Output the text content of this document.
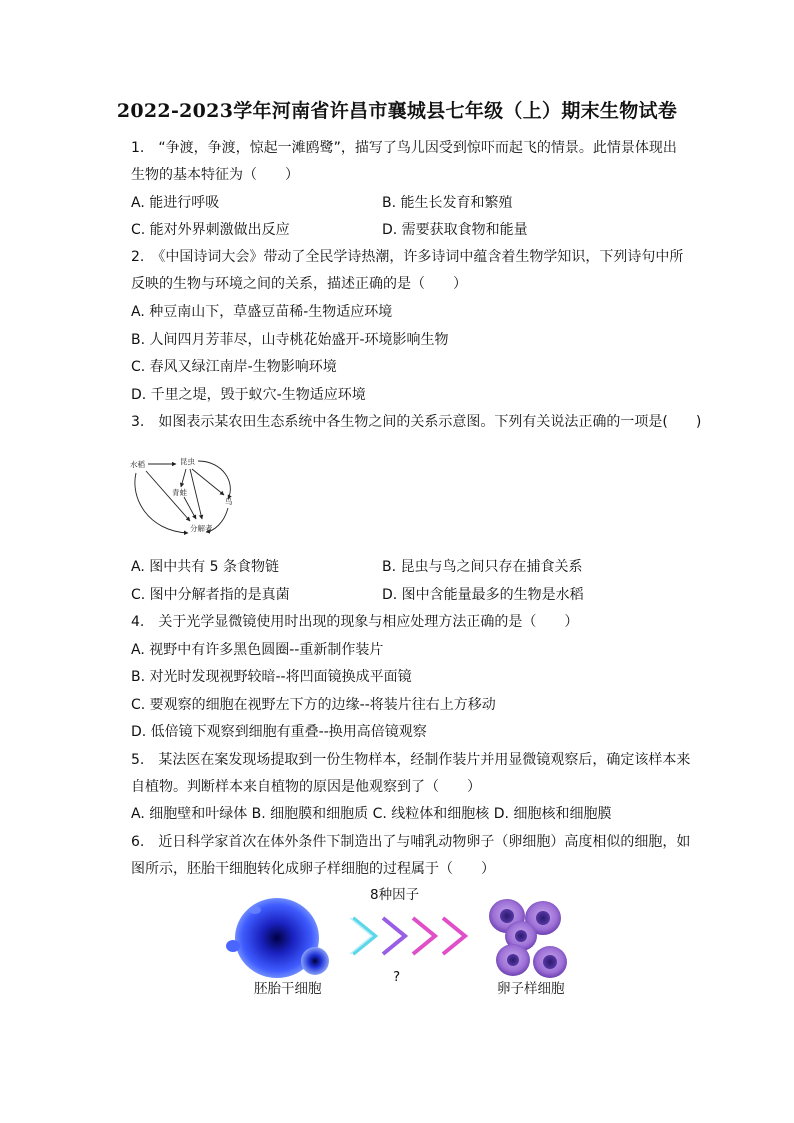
2022-2023学年河南省许昌市襄城县七年级（上）期末生物试卷
1.　“争渡，争渡，惊起一滩鸥鹭”，描写了鸟儿因受到惊吓而起飞的情景。此情景体现出
生物的基本特征为（　　）
A. 能进行呼吸	B. 能生长发育和繁殖
C. 能对外界刺激做出反应	D. 需要获取食物和能量
2.　《中国诗词大会》带动了全民学诗热潮，许多诗词中蕴含着生物学知识，下列诗句中所
反映的生物与环境之间的关系，描述正确的是（　　）
A. 种豆南山下，草盛豆苗稀-生物适应环境
B. 人间四月芳菲尽，山寺桃花始盛开-环境影响生物
C. 春风又绿江南岸-生物影响环境
D. 千里之堤，毁于蚁穴-生物适应环境
3.　如图表示某农田生态系统中各生物之间的关系示意图。下列有关说法正确的一项是(　　)
水稻	昆虫
青蛙
鸟
分解者
A. 图中共有 5 条食物链	B. 昆虫与鸟之间只存在捕食关系
C. 图中分解者指的是真菌	D. 图中含能量最多的生物是水稻
4.　关于光学显微镜使用时出现的现象与相应处理方法正确的是（　　）
A. 视野中有许多黑色圆圈--重新制作装片
B. 对光时发现视野较暗--将凹面镜换成平面镜
C. 要观察的细胞在视野左下方的边缘--将装片往右上方移动
D. 低倍镜下观察到细胞有重叠--换用高倍镜观察
5.　某法医在案发现场提取到一份生物样本，经制作装片并用显微镜观察后，确定该样本来
自植物。判断样本来自植物的原因是他观察到了（　　）
A. 细胞壁和叶绿体 B. 细胞膜和细胞质 C. 线粒体和细胞核 D. 细胞核和细胞膜
6.　近日科学家首次在体外条件下制造出了与哺乳动物卵子（卵细胞）高度相似的细胞，如
图所示，胚胎干细胞转化成卵子样细胞的过程属于（　　）
8种因子
?
胚胎干细胞	卵子样细胞
